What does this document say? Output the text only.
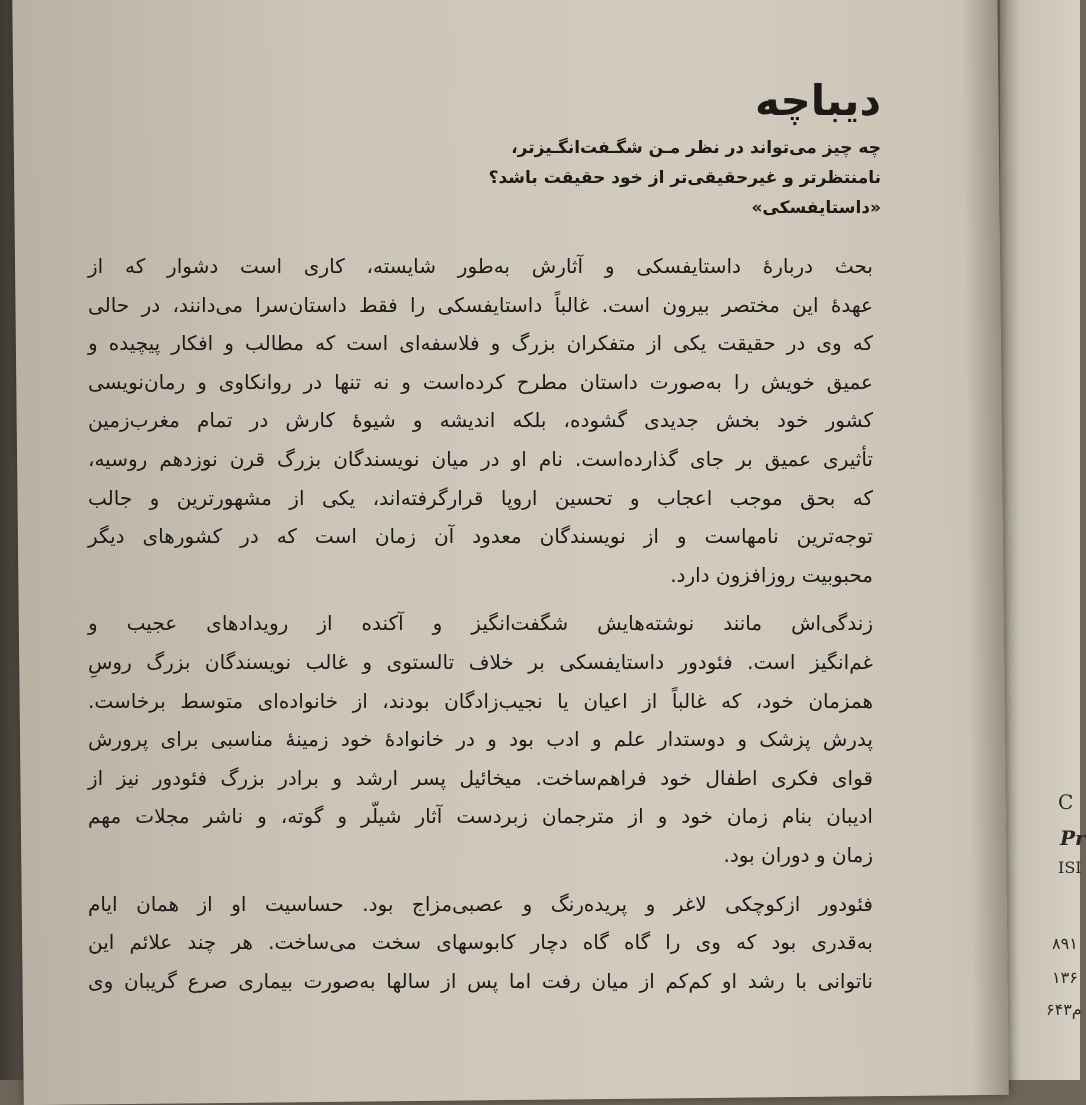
C
Pr
ISI
۸۹۱
۱۳۶
۶۴۳م
دیباچه
چه چیز می‌تواند در نظر مـن شگـفت‌انگـیزتر،
نامنتظرتر و غیرحقیقی‌تر از خود حقیقت باشد؟
«داستایفسکی»

بحث دربارۀ داستایفسکی و آثارش به‌طور شایسته، کاری است دشوار که از
عهدۀ این مختصر بیرون است. غالباً داستایفسکی را فقط داستان‌سرا می‌دانند، در حالی
که وی در حقیقت یکی از متفکران بزرگ و فلاسفه‌ای است که مطالب و افکار پیچیده و
عمیق خویش را به‌صورت داستان مطرح کرده‌است و نه تنها در روانکاوی و رمان‌نویسی
کشور خود بخش جدیدی گشوده، بلکه اندیشه و شیوۀ کارش در تمام مغرب‌زمین
تأثیری عمیق بر جای گذارده‌است. نام او در میان نویسندگان بزرگ قرن نوزدهم روسیه،
که بحق موجب اعجاب و تحسین اروپا قرارگرفته‌اند، یکی از مشهورترین و جالب
توجه‌ترین نامهاست و از نویسندگان معدود آن زمان است که در کشورهای دیگر
محبوبیت روزافزون دارد.

زندگی‌اش مانند نوشته‌هایش شگفت‌انگیز و آکنده از رویدادهای عجیب و
غم‌انگیز است. فئودور داستایفسکی بر خلاف تالستوی و غالب نویسندگان بزرگ روسِ
همزمان خود، که غالباً از اعیان یا نجیب‌زادگان بودند، از خانواده‌ای متوسط برخاست.
پدرش پزشک و دوستدار علم و ادب بود و در خانوادۀ خود زمینۀ مناسبی برای پرورش
قوای فکری اطفال خود فراهم‌ساخت. میخائیل پسر ارشد و برادر بزرگ فئودور نیز از
ادیبان بنام زمان خود و از مترجمان زبردست آثار شیلّر و گوته، و ناشر مجلات مهم
زمان و دوران بود.

فئودور ازکوچکی لاغر و پریده‌رنگ و عصبی‌مزاج بود. حساسیت او از همان ایام
به‌قدری بود که وی را گاه گاه دچار کابوسهای سخت می‌ساخت. هر چند علائم این
ناتوانی با رشد او کم‌کم از میان رفت اما پس از سالها به‌صورت بیماری صرع گریبان وی
